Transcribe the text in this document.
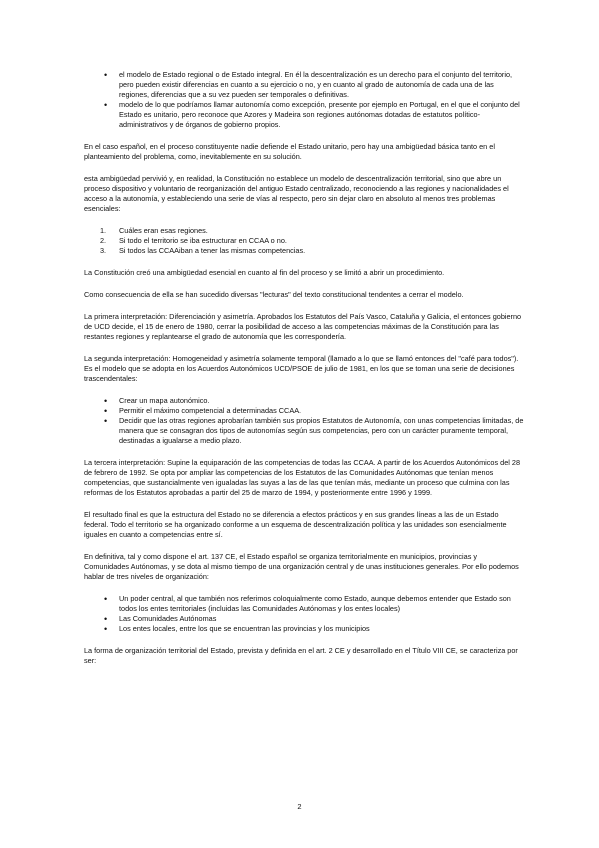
• el modelo de Estado regional o de Estado integral. En él la descentralización es un derecho para el conjunto del territorio, pero pueden existir diferencias en cuanto a su ejercicio o no, y en cuanto al grado de autonomía de cada una de las regiones, diferencias que a su vez pueden ser temporales o definitivas.
• modelo de lo que podríamos llamar autonomía como excepción, presente por ejemplo en Portugal, en el que el conjunto del Estado es unitario, pero reconoce que Azores y Madeira son regiones autónomas dotadas de estatutos político-administrativos y de órganos de gobierno propios.

En el caso español, en el proceso constituyente nadie defiende el Estado unitario, pero hay una ambigüedad básica tanto en el planteamiento del problema, como, inevitablemente en su solución.

esta ambigüedad pervivió y, en realidad, la Constitución no establece un modelo de descentralización territorial, sino que abre un proceso dispositivo y voluntario de reorganización del antiguo Estado centralizado, reconociendo a las regiones y nacionalidades el acceso a la autonomía, y estableciendo una serie de vías al respecto, pero sin dejar claro en absoluto al menos tres problemas esenciales:

1. Cuáles eran esas regiones.
2. Si todo el territorio se iba estructurar en CCAA o no.
3. Si todos las CCAAiban a tener las mismas competencias.

La Constitución creó una ambigüedad esencial en cuanto al fin del proceso y se limitó a abrir un procedimiento.

Como consecuencia de ella se han sucedido diversas "lecturas" del texto constitucional tendentes a cerrar el modelo.

La primera interpretación: Diferenciación y asimetría. Aprobados los Estatutos del País Vasco, Cataluña y Galicia, el entonces gobierno de UCD decide, el 15 de enero de 1980, cerrar la posibilidad de acceso a las competencias máximas de la Constitución para las restantes regiones y replantearse el grado de autonomía que les correspondería.

La segunda interpretación: Homogeneidad y asimetría solamente temporal (llamado a lo que se llamó entonces del "café para todos"). Es el modelo que se adopta en los Acuerdos Autonómicos UCD/PSOE de julio de 1981, en los que se toman una serie de decisiones trascendentales:

• Crear un mapa autonómico.
• Permitir el máximo competencial a determinadas CCAA.
• Decidir que las otras regiones aprobarían también sus propios Estatutos de Autonomía, con unas competencias limitadas, de manera que se consagran dos tipos de autonomías según sus competencias, pero con un carácter puramente temporal, destinadas a igualarse a medio plazo.

La tercera interpretación: Supine la equiparación de las competencias de todas las CCAA. A partir de los Acuerdos Autonómicos del 28 de febrero de 1992. Se opta por ampliar las competencias de los Estatutos de las Comunidades Autónomas que tenían menos competencias, que sustancialmente ven igualadas las suyas a las de las que tenían más, mediante un proceso que culmina con las reformas de los Estatutos aprobadas a partir del 25 de marzo de 1994, y posteriormente entre 1996 y 1999.

El resultado final es que la estructura del Estado no se diferencia a efectos prácticos y en sus grandes líneas a las de un Estado federal. Todo el territorio se ha organizado conforme a un esquema de descentralización política y las unidades son esencialmente iguales en cuanto a competencias entre sí.

En definitiva, tal y como dispone el art. 137 CE, el Estado español se organiza territorialmente en municipios, provincias y Comunidades Autónomas, y se dota al mismo tiempo de una organización central y de unas instituciones generales. Por ello podemos hablar de tres niveles de organización:

• Un poder central, al que también nos referimos coloquialmente como Estado, aunque debemos entender que Estado son todos los entes territoriales (incluidas las Comunidades Autónomas y los entes locales)
• Las Comunidades Autónomas
• Los entes locales, entre los que se encuentran las provincias y los municipios

La forma de organización territorial del Estado, prevista y definida en el art. 2 CE y desarrollado en el Título VIII CE, se caracteriza por ser:

2
